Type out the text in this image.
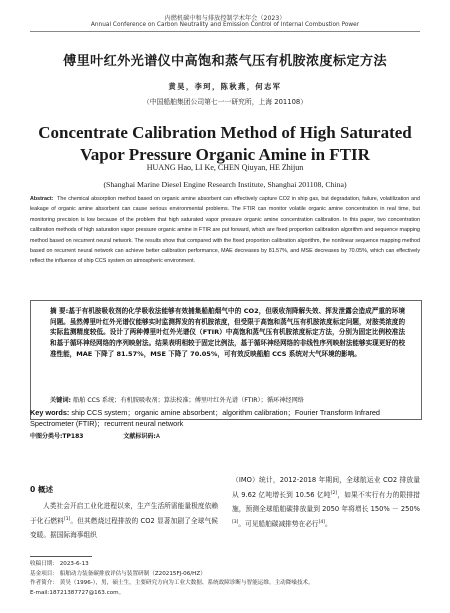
内燃机碳中和与排放控制学术年会（2023）
Annual Conference on Carbon Neutrality and Emission Control of Internal Combustion Power
傅里叶红外光谱仪中高饱和蒸气压有机胺浓度标定方法
黄昊，李珂，陈秋燕，何志军
（中国船舶集团公司第七一一研究所，上海 201108）
Concentrate Calibration Method of High Saturated
Vapor Pressure Organic Amine in FTIR
HUANG Hao, LI Ke, CHEN Qiuyan, HE Zhijun
(Shanghai Marine Diesel Engine Research Institute, Shanghai 201108, China)
Abstract: The chemical absorption method based on organic amine absorbent can effectively capture CO2 in ship gas, but degradation, failure, volatilization and leakage of organic amine absorbent can cause serious environmental problems. The FTIR can monitor volatile organic amine concentration in real time, but monitoring precision is low because of the problem that high saturated vapor pressure organic amine concentration calibration. In this paper, two concentration calibration methods of high saturation vapor pressure organic amine in FTIR are put forward, which are fixed proportion calibration algorithm and sequence mapping method based on recurrent neural network. The results show that compared with the fixed proportion calibration algorithm, the nonlinear sequence mapping method based on recurrent neural network can achieve better calibration performance, MAE decreases by 81.57%, and MSE decreases by 70.05%, which can effectively reflect the influence of ship CCS system on atmospheric environment.
摘 要:基于有机胺吸收剂的化学吸收法能够有效捕集船舶烟气中的 CO2，但吸收剂降解失效、挥发泄露会造成严重的环境问题。虽然傅里叶红外光谱仪能够实时监测挥发的有机胺浓度，但受限于高饱和蒸气压有机胺浓度标定问题，对胺类浓度的实际监测精度较低。设计了两种傅里叶红外光谱仪（FTIR）中高饱和蒸气压有机胺浓度标定方法，分别为固定比例校准法和基于循环神经网络的序列映射法。结果表明相较于固定比例法，基于循环神经网络的非线性序列映射法能够实现更好的校准性能，MAE 下降了 81.57%，MSE 下降了 70.05%，可有效反映船舶 CCS 系统对大气环境的影响。
关键词: 船舶 CCS 系统；有机胺吸收剂；算法校准；傅里叶红外光谱（FTIR）；循环神经网络
Key words: ship CCS system；organic amine absorbent；algorithm calibration；Fourier Transform Infrared Spectrometer (FTIR)；recurrent neural network
中图分类号:TP183	文献标识码:A
0 概述
人类社会开启工业化进程以来，生产生活所需能量极度依赖于化石燃料[1]。但其燃烧过程排放的 CO2 显著加剧了全球气候变暖。据国际海事组织
（IMO）统计，2012-2018 年期间，全球航运业 CO2 排放量从 9.62 亿吨增长到 10.56 亿吨[2]，如果不实行有力的限排措施，预测全球船舶碳排放量到 2050 年将增长 150% － 250%[3]。可见船舶碳减排势在必行[4]。
收稿日期： 2023-6-13
基金项目： 船舶动力装备碳排放评估与装置研制（Z20215FJ-06/HZ）
作者简介： 黄昊（1996-），男，硕士生，主要研究方向为工业大数据、系统故障诊断与智能运维。主动降噪技术。
E-mail:18721387727@163.com。
